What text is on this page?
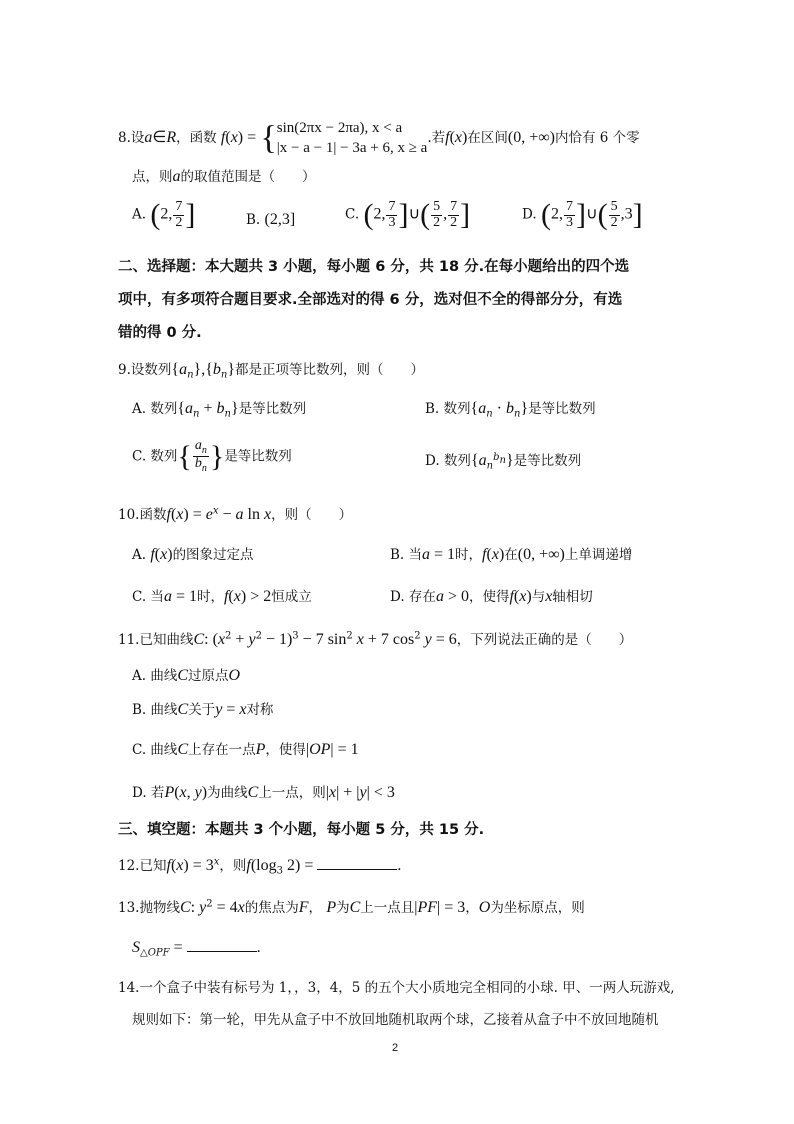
8.设a∈R，函数 f(x) = { sin(2πx − 2πa), x < a
|x − a − 1| − 3a + 6, x ≥ a
.若f(x)在区间(0, +∞)内恰有 6 个零
点，则a的取值范围是（　　）
A. (2, $\frac{7}{2}$ ]	B. (2,3]	C. (2, $\frac{7}{3}$ ]∪( $\frac{5}{2}$ , $\frac{7}{2}$ ]	D. (2, $\frac{7}{3}$ ]∪( $\frac{5}{2} ,3$]
二、选择题：本大题共 3 小题，每小题 6 分，共 18 分.在每小题给出的四个选
项中，有多项符合题目要求.全部选对的得 6 分，选对但不全的得部分分，有选
错的得 0 分.
9.设数列$\{a_n\},\{b_n\}$都是正项等比数列，则（　　）
A. 数列$\{a_n + b_n\}$是等比数列	B. 数列$\{a_n \cdot b_n\}$是等比数列
C. 数列{ $\frac{a_n}{b_n}$ }是等比数列	D. 数列$\{a_n^{b_n}\}$是等比数列
10.函数$f(x) = e^x - a$ ln x，则（　　）
A. f(x)的图象过定点	B. 当a = 1时，f(x)在(0, +∞)上单调递增
C. 当a = 1时，f(x) > 2恒成立	D. 存在a > 0，使得f(x)与x轴相切
11.已知曲线C: $(x^2 + y^2 - 1)^3 - 7$ $\sin^2 x + 7$ $\cos^2 y = 6$，下列说法正确的是（　　）
A. 曲线C过原点O
B. 曲线C关于y = x对称
C. 曲线C上存在一点P，使得|OP| = 1
D. 若P(x, y)为曲线C上一点，则|x| + |y| < 3
三、填空题：本题共 3 个小题，每小题 5 分，共 15 分.
12.已知$f(x) = 3^x$，则$f(\log_3$ 2) =	.
13.抛物线C: $y^2 = 4x$的焦点为F， P为C上一点且|PF| = 3，O为坐标原点，则
$S_{\triangle OPF}$ =	.
14.一个盒子中装有标号为 1，，3，4，5 的五个大小质地完全相同的小球. 甲、一两人玩游戏,
规则如下：第一轮，甲先从盒子中不放回地随机取两个球，乙接着从盒子中不放回地随机
2
